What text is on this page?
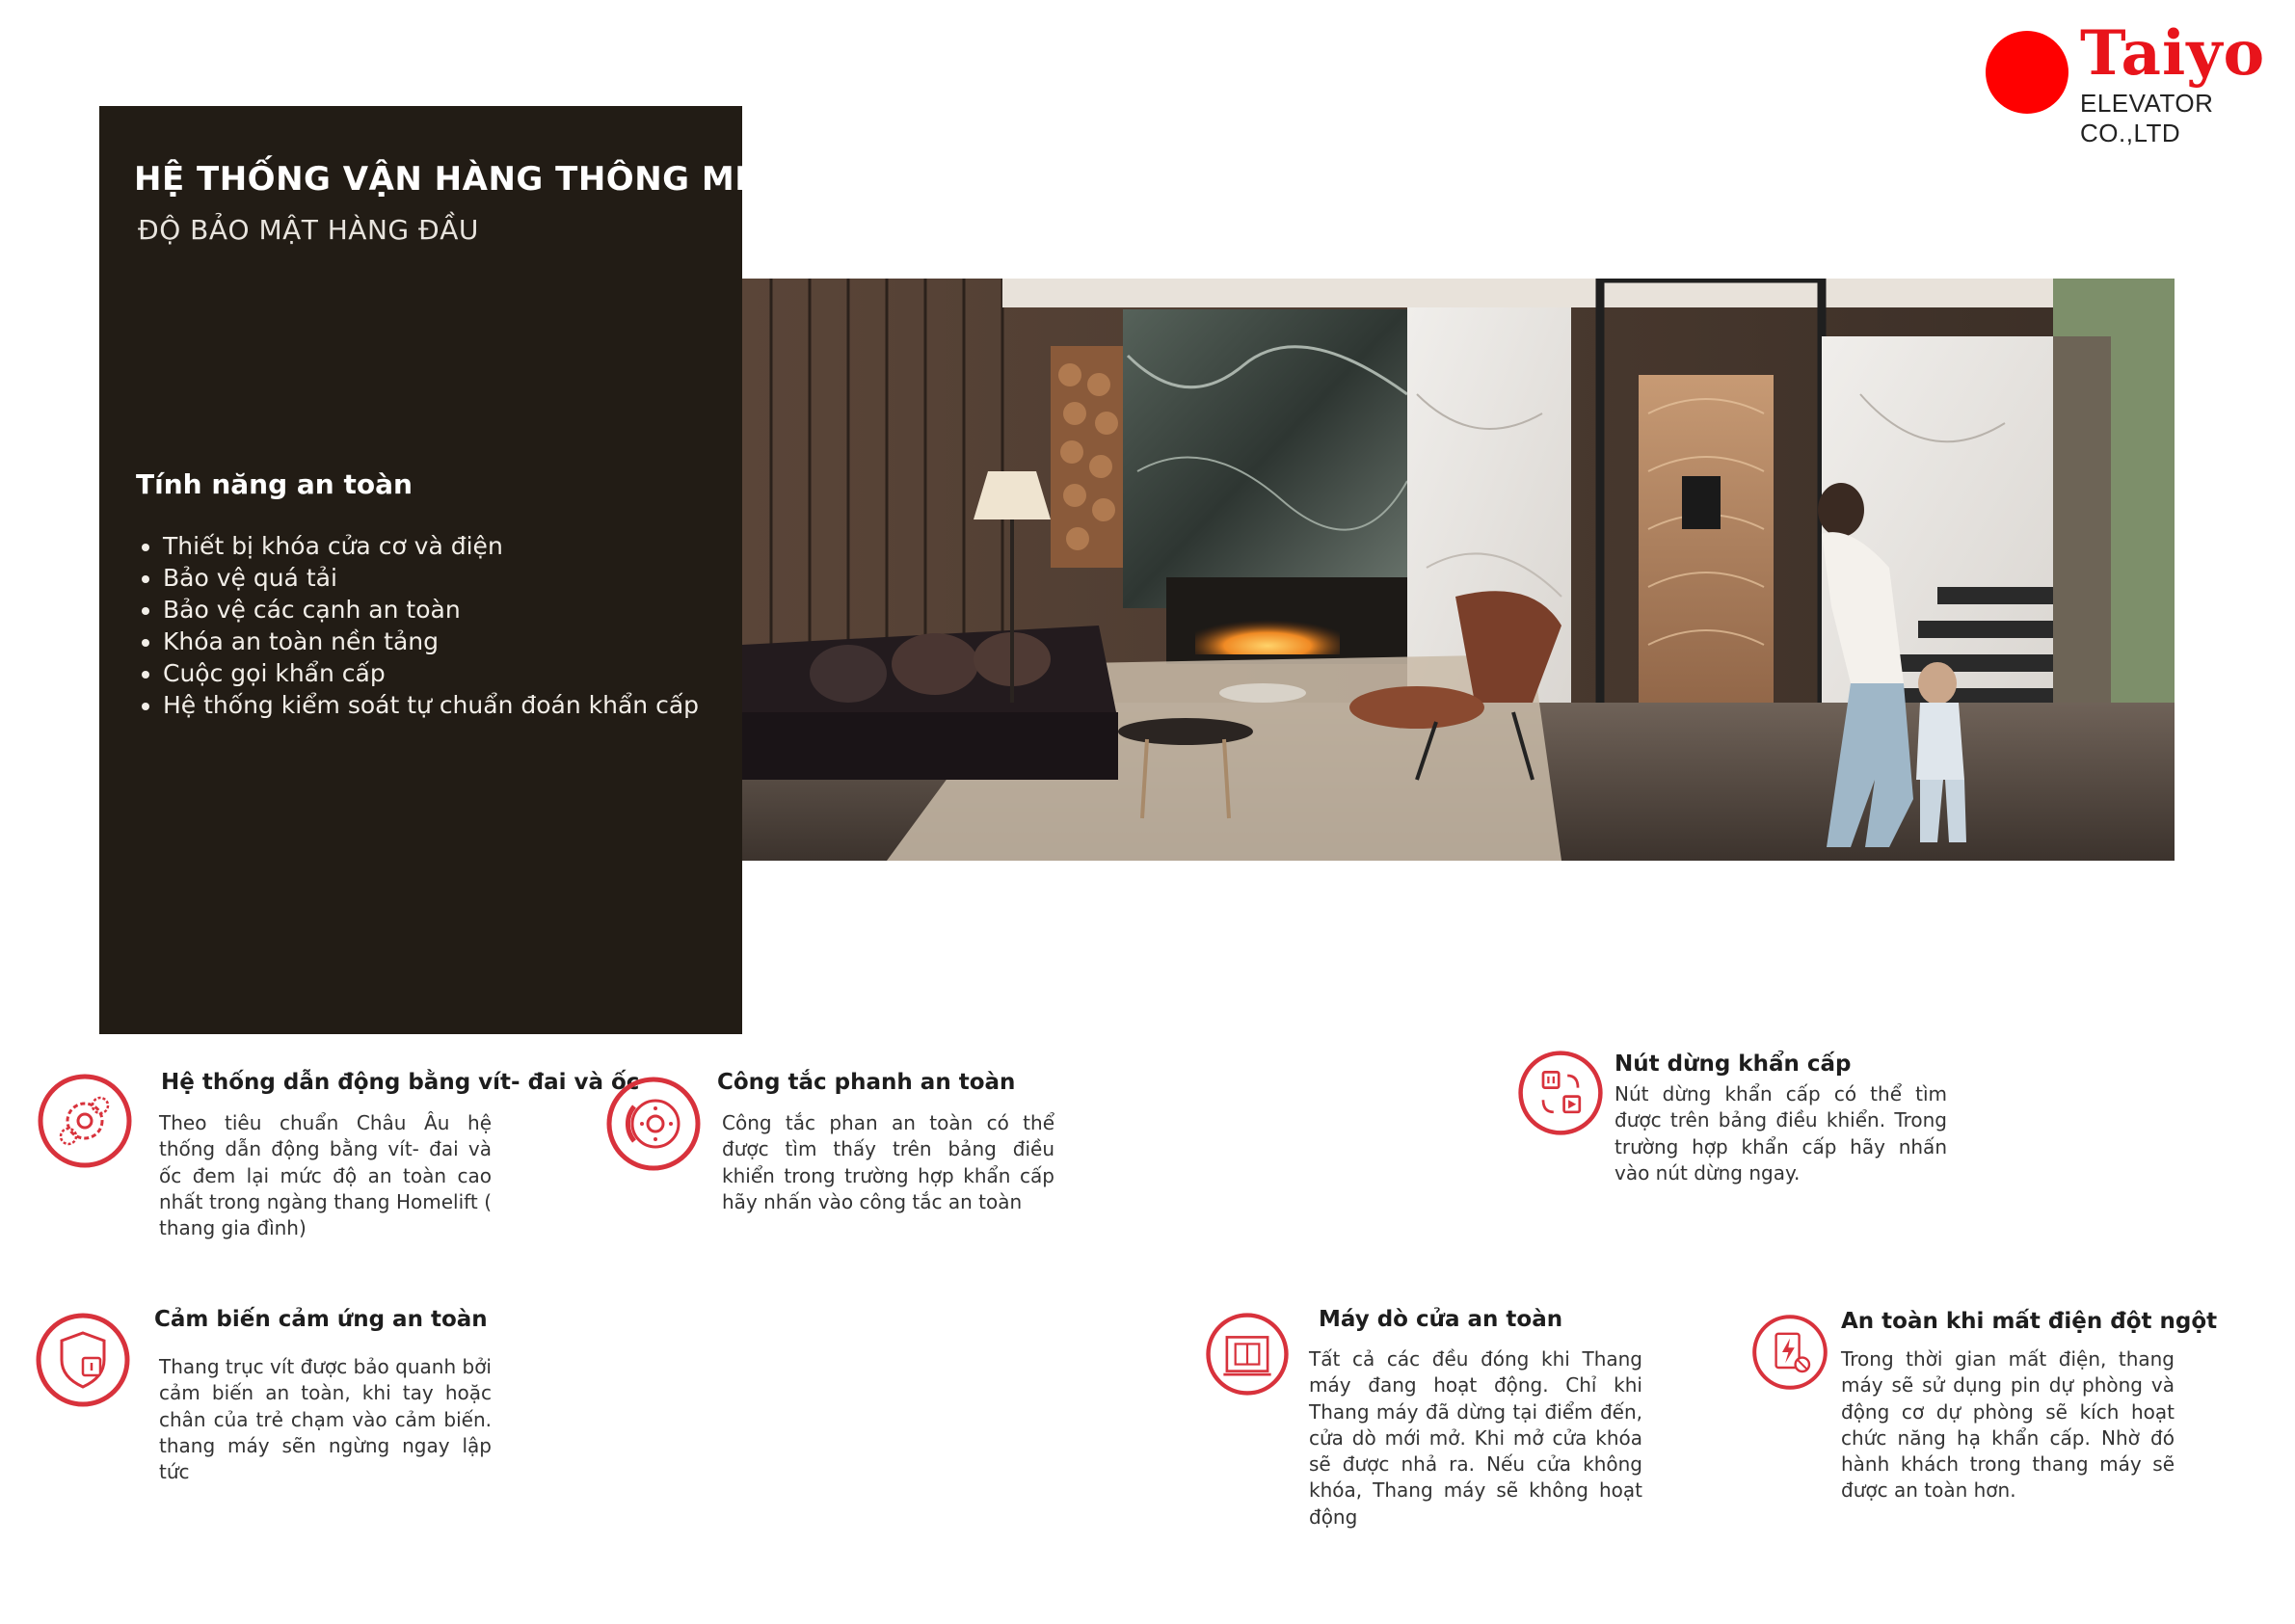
Taiyo
ELEVATOR CO.,LTD
HỆ THỐNG VẬN HÀNG THÔNG MINH
ĐỘ BẢO MẬT HÀNG ĐẦU
Tính năng an toàn
• Thiết bị khóa cửa cơ và điện
• Bảo vệ quá tải
• Bảo vệ các cạnh an toàn
• Khóa an toàn nền tảng
• Cuộc gọi khẩn cấp
• Hệ thống kiểm soát tự chuẩn đoán khẩn cấp
Hệ thống dẫn động bằng vít- đai và ốc
Theo tiêu chuẩn Châu Âu hệ thống dẫn động bằng vít- đai và ốc đem lại mức độ an toàn cao nhất trong ngàng thang Homelift ( thang gia đình)
Công tắc phanh an toàn
Công tắc phan an toàn có thể được tìm thấy trên bảng điều khiển trong trường hợp khẩn cấp hãy nhấn vào công tắc an toàn
Nút dừng khẩn cấp
Nút dừng khẩn cấp có thể tìm được trên bảng điều khiển. Trong trường hợp khẩn cấp hãy nhấn vào nút dừng ngay.
Cảm biến cảm ứng an toàn
Thang trục vít được bảo quanh bởi cảm biến an toàn, khi tay hoặc chân của trẻ chạm vào cảm biến. thang máy sẽn ngừng ngay lập tức
Máy dò cửa an toàn
Tất cả các đều đóng khi Thang máy đang hoạt động. Chỉ khi Thang máy đã dừng tại điểm đến, cửa dò mới mở. Khi mở cửa khóa sẽ được nhả ra. Nếu cửa không khóa, Thang máy sẽ không hoạt động
An toàn khi mất điện đột ngột
Trong thời gian mất điện, thang máy sẽ sử dụng pin dự phòng và động cơ dự phòng sẽ kích hoạt chức năng hạ khẩn cấp. Nhờ đó hành khách trong thang máy sẽ được an toàn hơn.
